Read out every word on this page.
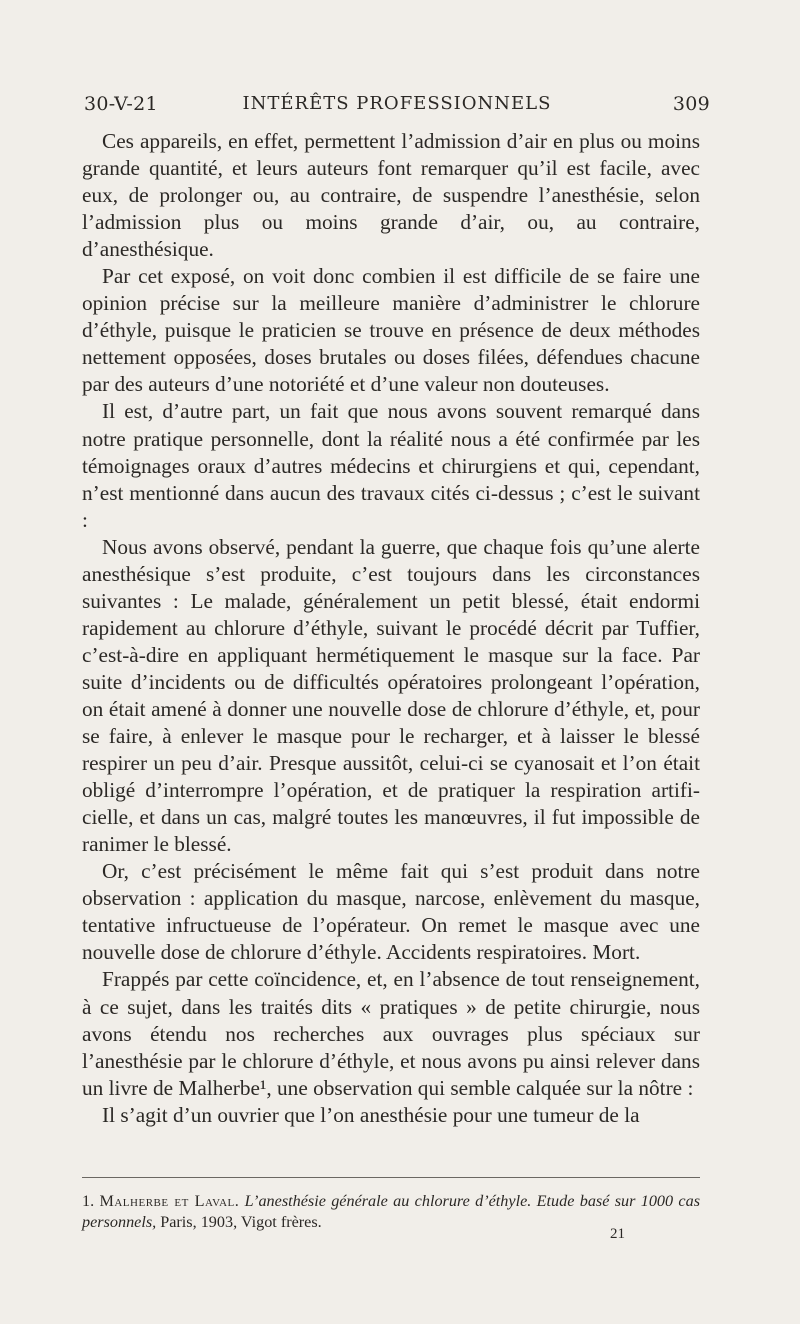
30-V-21	INTÉRÊTS PROFESSIONNELS	309

Ces appareils, en effet, permettent l’admission d’air en plus ou moins grande quantité, et leurs auteurs font remarquer qu’il est facile, avec eux, de prolonger ou, au contraire, de suspendre l’anesthésie, selon l’admission plus ou moins grande d’air, ou, au contraire, d’anesthésique.

Par cet exposé, on voit donc combien il est difficile de se faire une opinion précise sur la meilleure manière d’administrer le chlorure d’éthyle, puisque le praticien se trouve en présence de deux méthodes nettement opposées, doses brutales ou doses filées, défendues chacune par des auteurs d’une notoriété et d’une valeur non douteuses.

Il est, d’autre part, un fait que nous avons souvent remarqué dans notre pratique personnelle, dont la réalité nous a été confirmée par les témoignages oraux d’autres médecins et chirurgiens et qui, cependant, n’est mentionné dans aucun des travaux cités ci-dessus ; c’est le suivant :

Nous avons observé, pendant la guerre, que chaque fois qu’une alerte anesthésique s’est produite, c’est toujours dans les circonstances suivantes : Le malade, généralement un petit blessé, était endormi rapidement au chlorure d’éthyle, suivant le procédé décrit par Tuffier, c’est-à-dire en appliquant hermétiquement le masque sur la face. Par suite d’incidents ou de difficultés opératoires prolongeant l’opération, on était amené à donner une nouvelle dose de chlorure d’éthyle, et, pour se faire, à enlever le masque pour le recharger, et à laisser le blessé respirer un peu d’air. Presque aussitôt, celui-ci se cyanosait et l’on était obligé d’interrompre l’opération, et de pratiquer la respiration artificielle, et dans un cas, malgré toutes les manœuvres, il fut impossible de ranimer le blessé.

Or, c’est précisément le même fait qui s’est produit dans notre observation : application du masque, narcose, enlèvement du masque, tentative infructueuse de l’opérateur. On remet le masque avec une nouvelle dose de chlorure d’éthyle. Accidents respiratoires. Mort.

Frappés par cette coïncidence, et, en l’absence de tout renseignement, à ce sujet, dans les traités dits « pratiques » de petite chirurgie, nous avons étendu nos recherches aux ouvrages plus spéciaux sur l’anesthésie par le chlorure d’éthyle, et nous avons pu ainsi relever dans un livre de Malherbe¹, une observation qui semble calquée sur la nôtre :

Il s’agit d’un ouvrier que l’on anesthésie pour une tumeur de la

1. Malherbe et Laval. L’anesthésie générale au chlorure d’éthyle. Etude basé sur 1000 cas personnels, Paris, 1903, Vigot frères.
21
